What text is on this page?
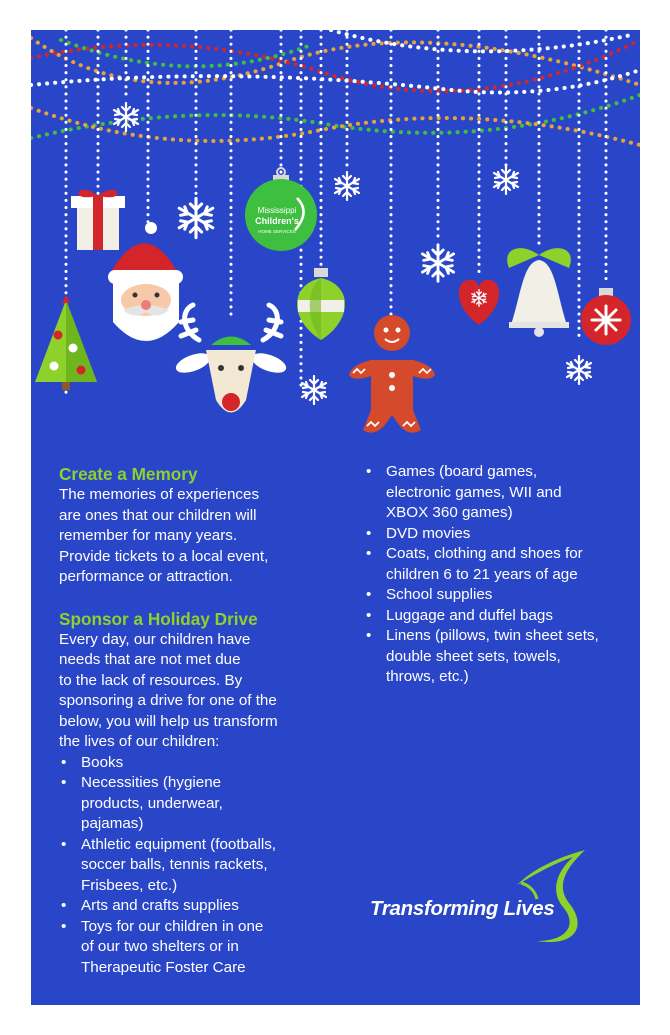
Mississippi
Children's
HOME SERVICES
Create a Memory

The memories of experiences
are ones that our children will
remember for many years.
Provide tickets to a local event,
performance or attraction.

Sponsor a Holiday Drive

Every day, our children have
needs that are not met due
to the lack of resources. By
sponsoring a drive for one of the
below, you will help us transform
the lives of our children:

• Books
• Necessities (hygiene
products, underwear,
pajamas)
• Athletic equipment (footballs,
soccer balls, tennis rackets,
Frisbees, etc.)
• Arts and crafts supplies
• Toys for our children in one
of our two shelters or in
Therapeutic Foster Care
• Games (board games,
electronic games, WII and
XBOX 360 games)
• DVD movies
• Coats, clothing and shoes for
children 6 to 21 years of age
• School supplies
• Luggage and duffel bags
• Linens (pillows, twin sheet sets,
double sheet sets, towels,
throws, etc.)
Transforming Lives
